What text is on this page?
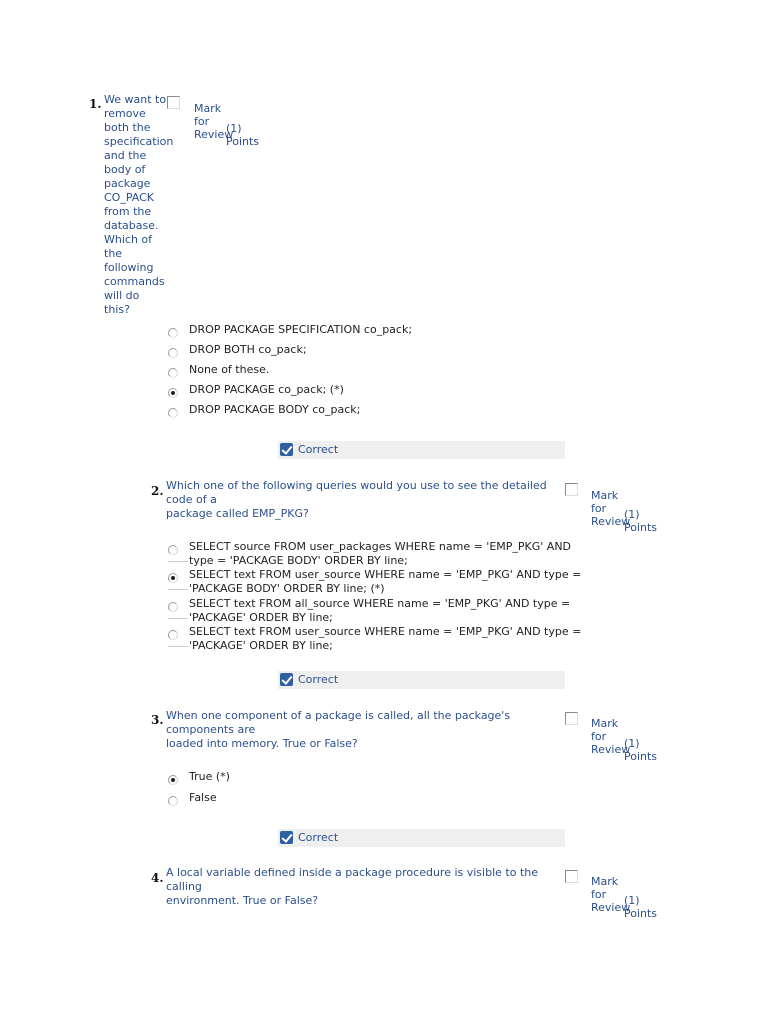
1. We want to
remove
both the
specification
and the
body of
package
CO_PACK
from the
database.
Which of
the
following
commands
will do this?
Mark for Review
(1) Points
DROP PACKAGE SPECIFICATION co_pack;
DROP BOTH co_pack;
None of these.
DROP PACKAGE co_pack; (*)
DROP PACKAGE BODY co_pack;
Correct
2. Which one of the following queries would you use to see the detailed code of a
package called EMP_PKG?
Mark for Review
(1) Points
SELECT source FROM user_packages WHERE name = 'EMP_PKG' AND
type = 'PACKAGE BODY' ORDER BY line;
SELECT text FROM user_source WHERE name = 'EMP_PKG' AND type =
'PACKAGE BODY' ORDER BY line; (*)
SELECT text FROM all_source WHERE name = 'EMP_PKG' AND type =
'PACKAGE' ORDER BY line;
SELECT text FROM user_source WHERE name = 'EMP_PKG' AND type =
'PACKAGE' ORDER BY line;
Correct
3. When one component of a package is called, all the package's components are
loaded into memory. True or False?
Mark for Review
(1) Points
True (*)
False
Correct
4. A local variable defined inside a package procedure is visible to the calling
environment. True or False?
Mark for Review
(1) Points
